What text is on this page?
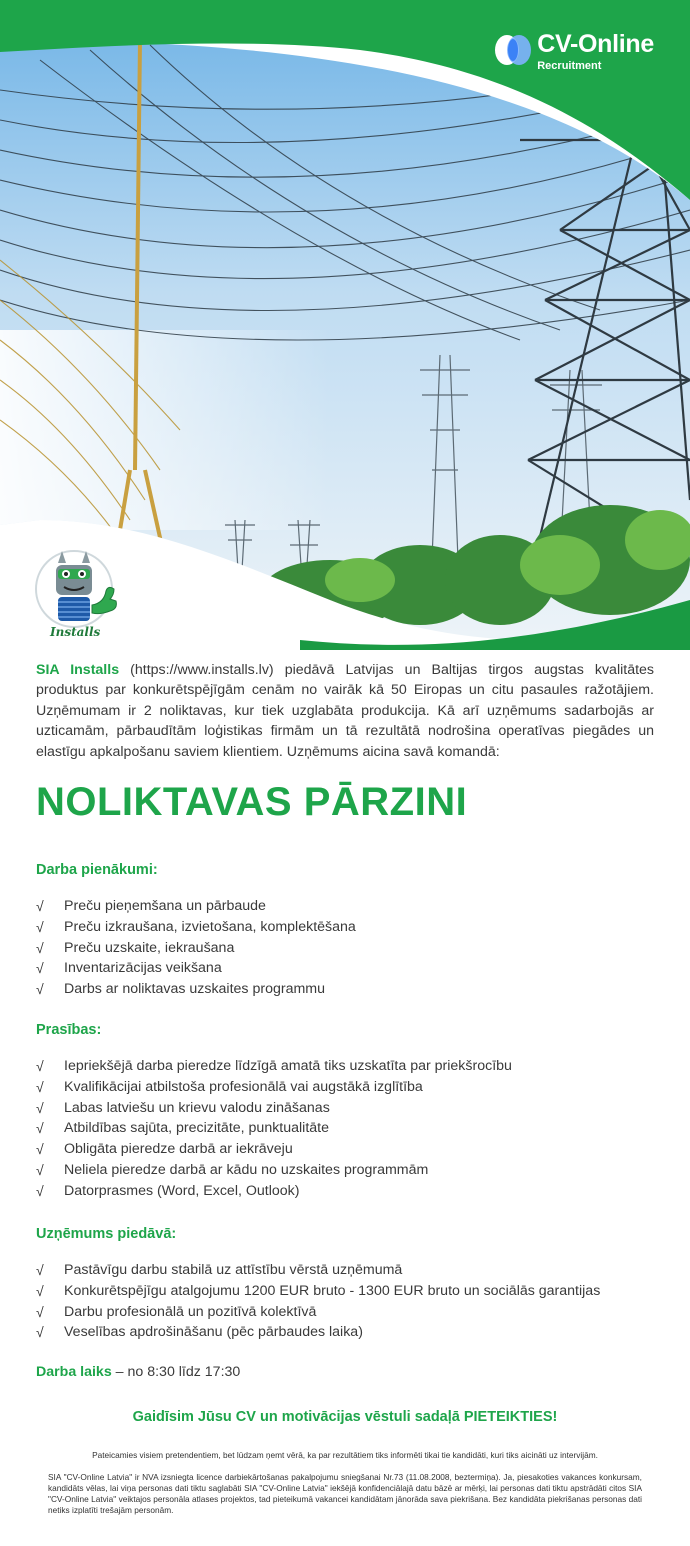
CV-Online
Recruitment
Installs
SIA Installs (https://www.installs.lv) piedāvā Latvijas un Baltijas tirgos augstas kvalitātes produktus par konkurētspējīgām cenām no vairāk kā 50 Eiropas un citu pasaules ražotājiem. Uzņēmumam ir 2 noliktavas, kur tiek uzglabāta produkcija. Kā arī uzņēmums sadarbojās ar uzticamām, pārbaudītām loģistikas firmām un tā rezultātā nodrošina operatīvas piegādes un elastīgu apkalpošanu saviem klientiem. Uzņēmums aicina savā komandā:
NOLIKTAVAS PĀRZINI
Darba pienākumi:
√ Preču pieņemšana un pārbaude
√ Preču izkraušana, izvietošana, komplektēšana
√ Preču uzskaite, iekraušana
√ Inventarizācijas veikšana
√ Darbs ar noliktavas uzskaites programmu
Prasības:
√ Iepriekšējā darba pieredze līdzīgā amatā tiks uzskatīta par priekšrocību
√ Kvalifikācijai atbilstoša profesionālā vai augstākā izglītība
√ Labas latviešu un krievu valodu zināšanas
√ Atbildības sajūta, precizitāte, punktualitāte
√ Obligāta pieredze darbā ar iekrāveju
√ Neliela pieredze darbā ar kādu no uzskaites programmām
√ Datorprasmes (Word, Excel, Outlook)
Uzņēmums piedāvā:
√ Pastāvīgu darbu stabilā uz attīstību vērstā uzņēmumā
√ Konkurētspējīgu atalgojumu 1200 EUR bruto - 1300 EUR bruto un sociālās garantijas
√ Darbu profesionālā un pozitīvā kolektīvā
√ Veselības apdrošināšanu (pēc pārbaudes laika)
Darba laiks – no 8:30 līdz 17:30
Gaidīsim Jūsu CV un motivācijas vēstuli sadaļā PIETEIKTIES!
Pateicamies visiem pretendentiem, bet lūdzam ņemt vērā, ka par rezultātiem tiks informēti tikai tie kandidāti, kuri tiks aicināti uz intervijām.
SIA "CV-Online Latvia" ir NVA izsniegta licence darbiekārtošanas pakalpojumu sniegšanai Nr.73 (11.08.2008, beztermiņa). Ja, piesakoties vakances konkursam, kandidāts vēlas, lai viņa personas dati tiktu saglabāti SIA "CV-Online Latvia" iekšējā konfidenciālajā datu bāzē ar mērķi, lai personas dati tiktu apstrādāti citos SIA "CV-Online Latvia" veiktajos personāla atlases projektos, tad pieteikumā vakancei kandidātam jānorāda sava piekrišana. Bez kandidāta piekrišanas personas dati netiks izplatīti trešajām personām.
